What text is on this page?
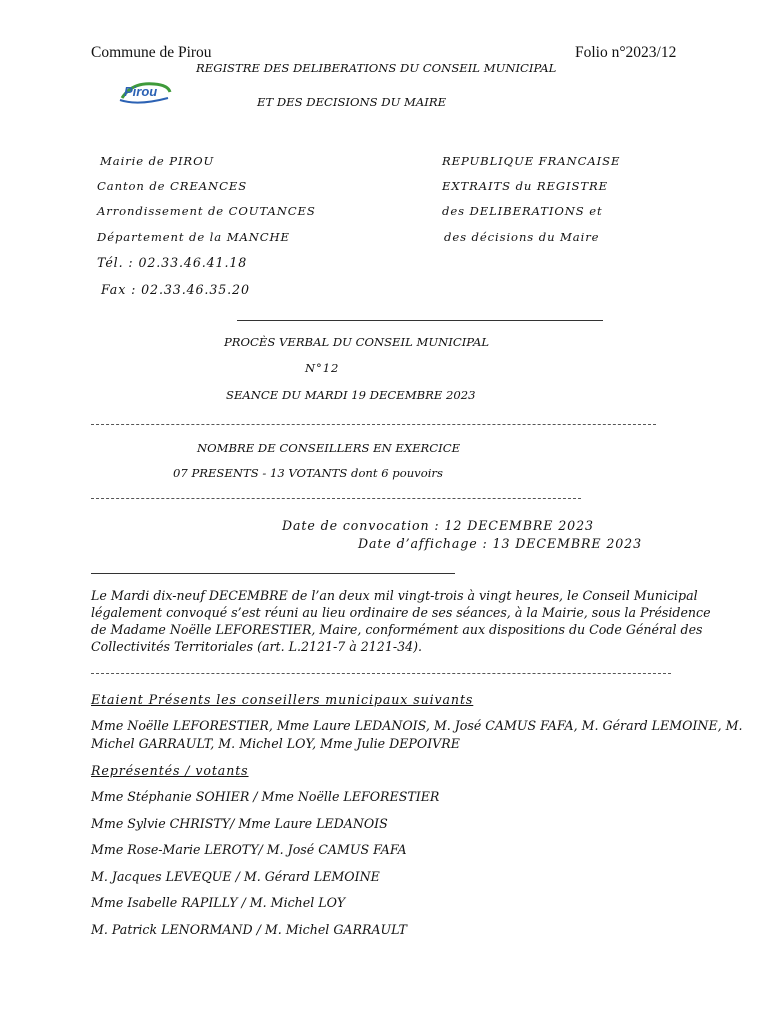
Commune de Pirou	Folio n°2023/12
REGISTRE DES DELIBERATIONS DU CONSEIL MUNICIPAL
ET DES DECISIONS DU MAIRE
Pirou
Mairie de PIROU
Canton de CREANCES
Arrondissement de COUTANCES
Département de la MANCHE
Tél. : 02.33.46.41.18
Fax : 02.33.46.35.20
REPUBLIQUE FRANCAISE
EXTRAITS du REGISTRE
des DELIBERATIONS et
des décisions du Maire
PROCÈS VERBAL DU CONSEIL MUNICIPAL
N°12
SEANCE DU MARDI 19 DECEMBRE 2023
NOMBRE DE CONSEILLERS EN EXERCICE
07 PRESENTS - 13 VOTANTS dont 6 pouvoirs
Date de convocation : 12 DECEMBRE 2023
Date d’affichage : 13 DECEMBRE 2023
Le Mardi dix-neuf DECEMBRE de l’an deux mil vingt-trois à vingt heures, le Conseil Municipal
légalement convoqué s’est réuni au lieu ordinaire de ses séances, à la Mairie, sous la Présidence
de Madame Noëlle LEFORESTIER, Maire, conformément aux dispositions du Code Général des
Collectivités Territoriales (art. L.2121-7 à 2121-34).
Etaient Présents les conseillers municipaux suivants
Mme Noëlle LEFORESTIER, Mme Laure LEDANOIS, M. José CAMUS FAFA, M. Gérard LEMOINE, M.
Michel GARRAULT, M. Michel LOY, Mme Julie DEPOIVRE
Représentés / votants
Mme Stéphanie SOHIER / Mme Noëlle LEFORESTIER
Mme Sylvie CHRISTY/ Mme Laure LEDANOIS
Mme Rose-Marie LEROTY/ M. José CAMUS FAFA
M. Jacques LEVEQUE / M. Gérard LEMOINE
Mme Isabelle RAPILLY / M. Michel LOY
M. Patrick LENORMAND / M. Michel GARRAULT
